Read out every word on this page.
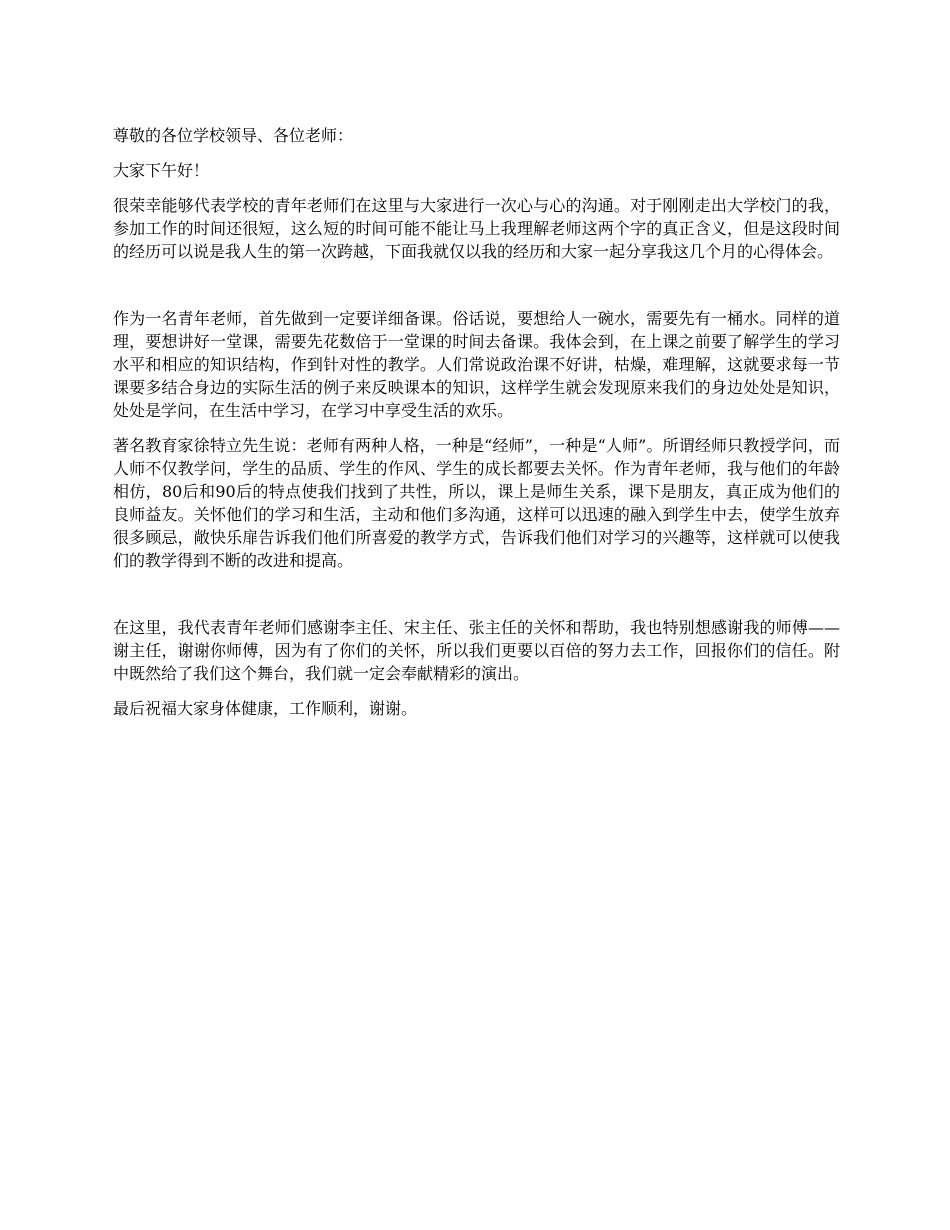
尊敬的各位学校领导、各位老师：

大家下午好！

很荣幸能够代表学校的青年老师们在这里与大家进行一次心与心的沟通。对于刚刚走出大学校门的我，参加工作的时间还很短，这么短的时间可能不能让马上我理解老师这两个字的真正含义，但是这段时间的经历可以说是我人生的第一次跨越，下面我就仅以我的经历和大家一起分享我这几个月的心得体会。

作为一名青年老师，首先做到一定要详细备课。俗话说，要想给人一碗水，需要先有一桶水。同样的道理，要想讲好一堂课，需要先花数倍于一堂课的时间去备课。我体会到，在上课之前要了解学生的学习水平和相应的知识结构，作到针对性的教学。人们常说政治课不好讲，枯燥，难理解，这就要求每一节课要多结合身边的实际生活的例子来反映课本的知识，这样学生就会发现原来我们的身边处处是知识，处处是学问，在生活中学习，在学习中享受生活的欢乐。

著名教育家徐特立先生说：老师有两种人格，一种是“经师”，一种是“人师”。所谓经师只教授学问，而人师不仅教学问，学生的品质、学生的作风、学生的成长都要去关怀。作为青年老师，我与他们的年龄相仿，80后和90后的特点使我们找到了共性，所以，课上是师生关系，课下是朋友，真正成为他们的良师益友。关怀他们的学习和生活，主动和他们多沟通，这样可以迅速的融入到学生中去，使学生放弃很多顾忌，敞快乐扉告诉我们他们所喜爱的教学方式，告诉我们他们对学习的兴趣等，这样就可以使我们的教学得到不断的改进和提高。

在这里，我代表青年老师们感谢李主任、宋主任、张主任的关怀和帮助，我也特别想感谢我的师傅——谢主任，谢谢你师傅，因为有了你们的关怀，所以我们更要以百倍的努力去工作，回报你们的信任。附中既然给了我们这个舞台，我们就一定会奉献精彩的演出。

最后祝福大家身体健康，工作顺利，谢谢。
